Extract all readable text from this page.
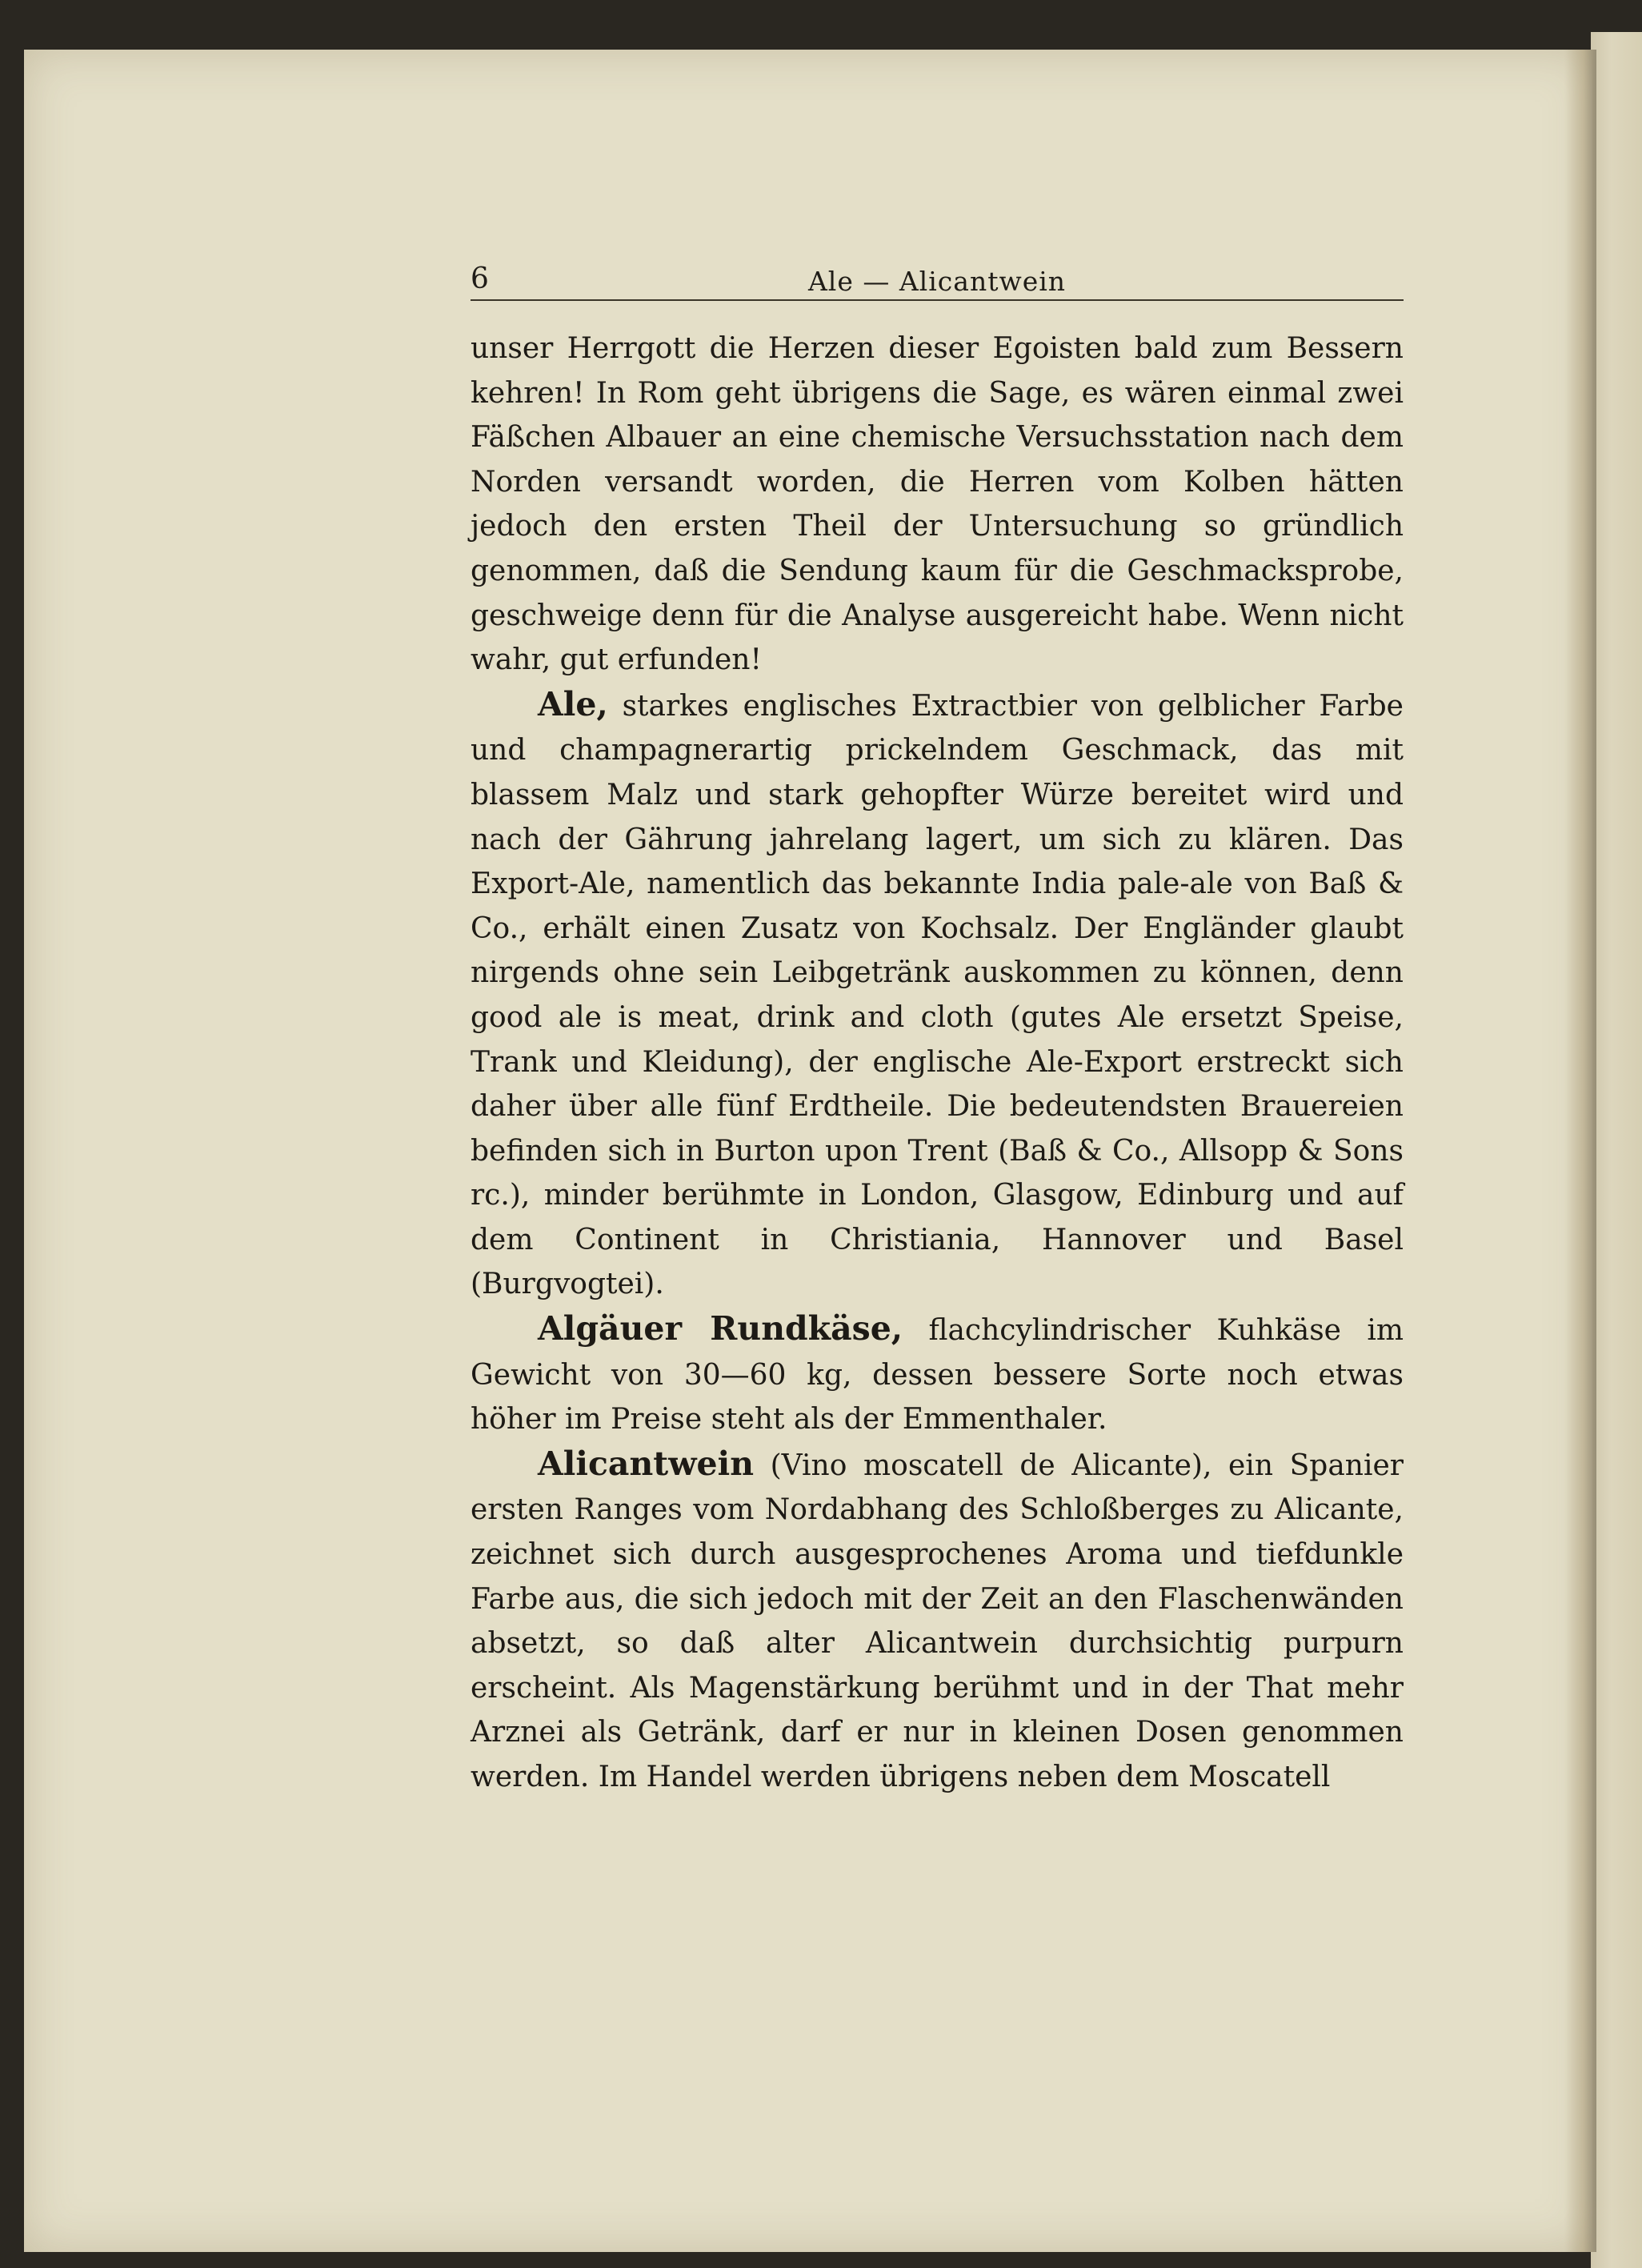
6	Ale — Alicantwein

unser Herrgott die Herzen dieser Egoisten bald zum Bessern kehren! In Rom geht übrigens die Sage, es wären einmal zwei Fäßchen Albauer an eine chemische Versuchsstation nach dem Norden versandt worden, die Herren vom Kolben hätten jedoch den ersten Theil der Untersuchung so gründlich genommen, daß die Sendung kaum für die Geschmacksprobe, geschweige denn für die Analyse ausgereicht habe. Wenn nicht wahr, gut erfunden!

Ale, starkes englisches Extractbier von gelblicher Farbe und champagnerartig prickelndem Geschmack, das mit blassem Malz und stark gehopfter Würze bereitet wird und nach der Gährung jahrelang lagert, um sich zu klären. Das Export-Ale, namentlich das bekannte India pale-ale von Baß & Co., erhält einen Zusatz von Kochsalz. Der Engländer glaubt nirgends ohne sein Leibgetränk auskommen zu können, denn good ale is meat, drink and cloth (gutes Ale ersetzt Speise, Trank und Kleidung), der englische Ale-Export erstreckt sich daher über alle fünf Erdtheile. Die bedeutendsten Brauereien befinden sich in Burton upon Trent (Baß & Co., Allsopp & Sons rc.), minder berühmte in London, Glasgow, Edinburg und auf dem Continent in Christiania, Hannover und Basel (Burgvogtei).

Algäuer Rundkäse, flachcylindrischer Kuhkäse im Gewicht von 30—60 kg, dessen bessere Sorte noch etwas höher im Preise steht als der Emmenthaler.

Alicantwein (Vino moscatell de Alicante), ein Spanier ersten Ranges vom Nordabhang des Schloßberges zu Alicante, zeichnet sich durch ausgesprochenes Aroma und tiefdunkle Farbe aus, die sich jedoch mit der Zeit an den Flaschenwänden absetzt, so daß alter Alicantwein durchsichtig purpurn erscheint. Als Magenstärkung berühmt und in der That mehr Arznei als Getränk, darf er nur in kleinen Dosen genommen werden. Im Handel werden übrigens neben dem Moscatell
